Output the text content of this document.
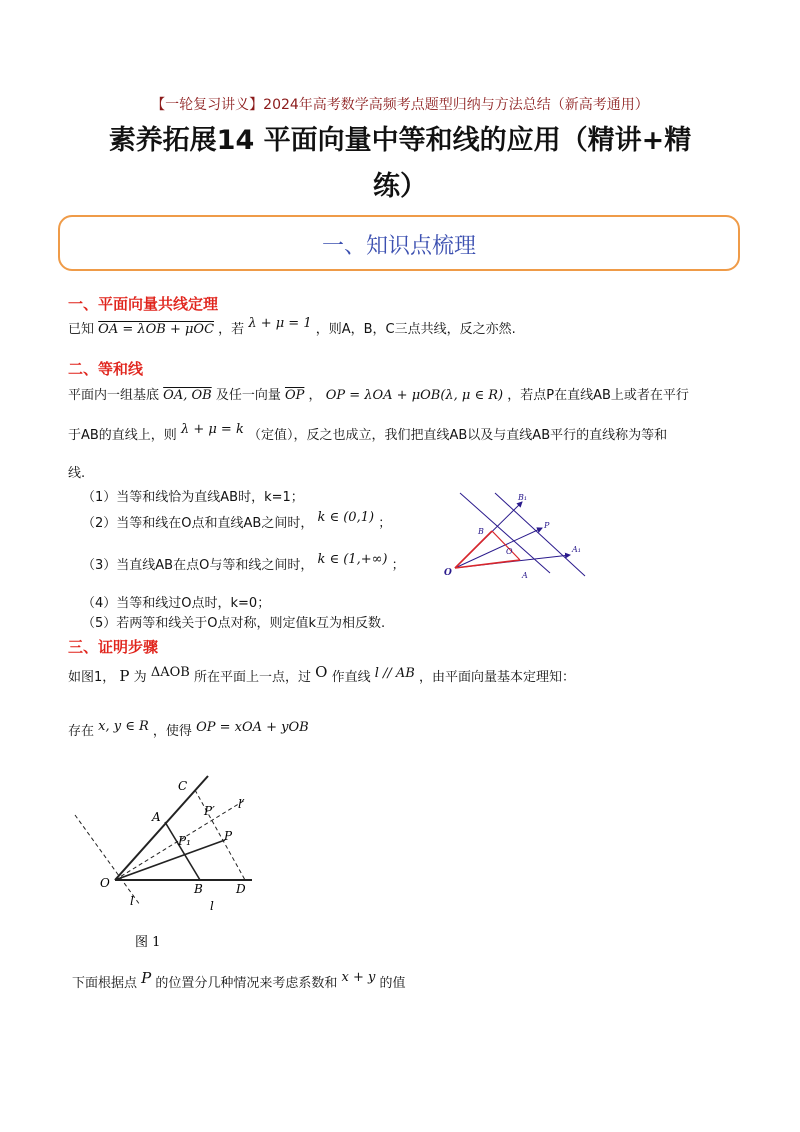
【一轮复习讲义】2024年高考数学高频考点题型归纳与方法总结（新高考通用）
素养拓展14 平面向量中等和线的应用（精讲+精
练）
一、知识点梳理
一、平面向量共线定理
已知 OA = λOB + μOC ，若 λ + μ = 1 ，则A，B，C三点共线，反之亦然.
二、等和线
平面内一组基底 OA, OB 及任一向量 $\overline{OP}$ ， OP = λOA + μOB(λ, μ ∈ R) ，若点P在直线AB上或者在平行
于AB的直线上，则 λ + μ = k （定值），反之也成立，我们把直线AB以及与直线AB平行的直线称为等和
线.
（1）当等和线恰为直线AB时，k=1；
（2）当等和线在O点和直线AB之间时， k ∈ (0,1) ；
（3）当直线AB在点O与等和线之间时， k ∈ (1,+∞) ；
（4）当等和线过O点时，k=0；
（5）若两等和线关于O点对称，则定值k互为相反数.
O
B
A
B₁
P
A₁
O
三、证明步骤
如图1， P 为 ΔAOB 所在平面上一点，过 O 作直线 l // AB ，由平面向量基本定理知：
存在 x, y ∈ R ，使得 OP = xOA + yOB
C
A
P₁
P′ l′
P
O	B	D
l	l
图 1
下面根据点 P 的位置分几种情况来考虑系数和 x + y 的值
